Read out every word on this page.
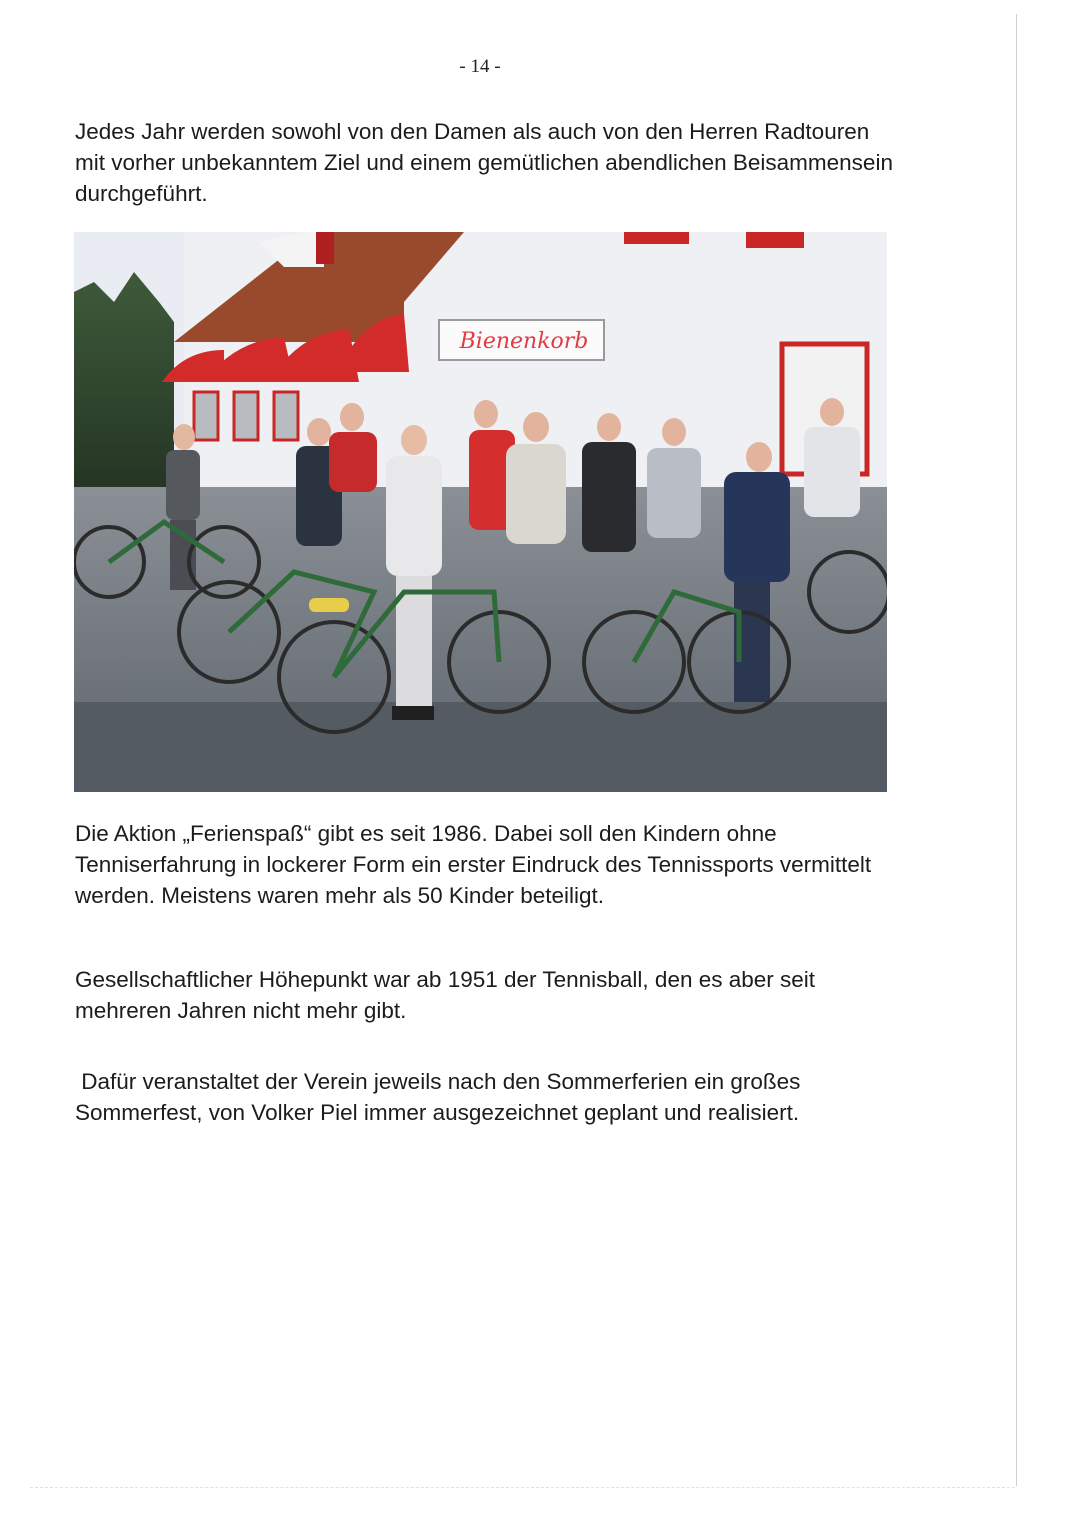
- 14 -

Jedes Jahr werden sowohl von den Damen als auch von den Herren Radtouren mit vorher unbekanntem Ziel und einem gemütlichen abendlichen Beisammensein durchgeführt.

Bienenkorb

Die Aktion „Ferienspaß“ gibt es seit 1986. Dabei soll den Kindern ohne Tenniserfahrung in lockerer Form ein erster Eindruck des Tennissports vermittelt werden. Meistens waren mehr als 50 Kinder beteiligt.

Gesellschaftlicher Höhepunkt war ab 1951 der Tennisball, den es aber seit mehreren Jahren nicht mehr gibt.

Dafür veranstaltet der Verein jeweils nach den Sommerferien ein großes Sommerfest, von Volker Piel immer ausgezeichnet geplant und realisiert.
